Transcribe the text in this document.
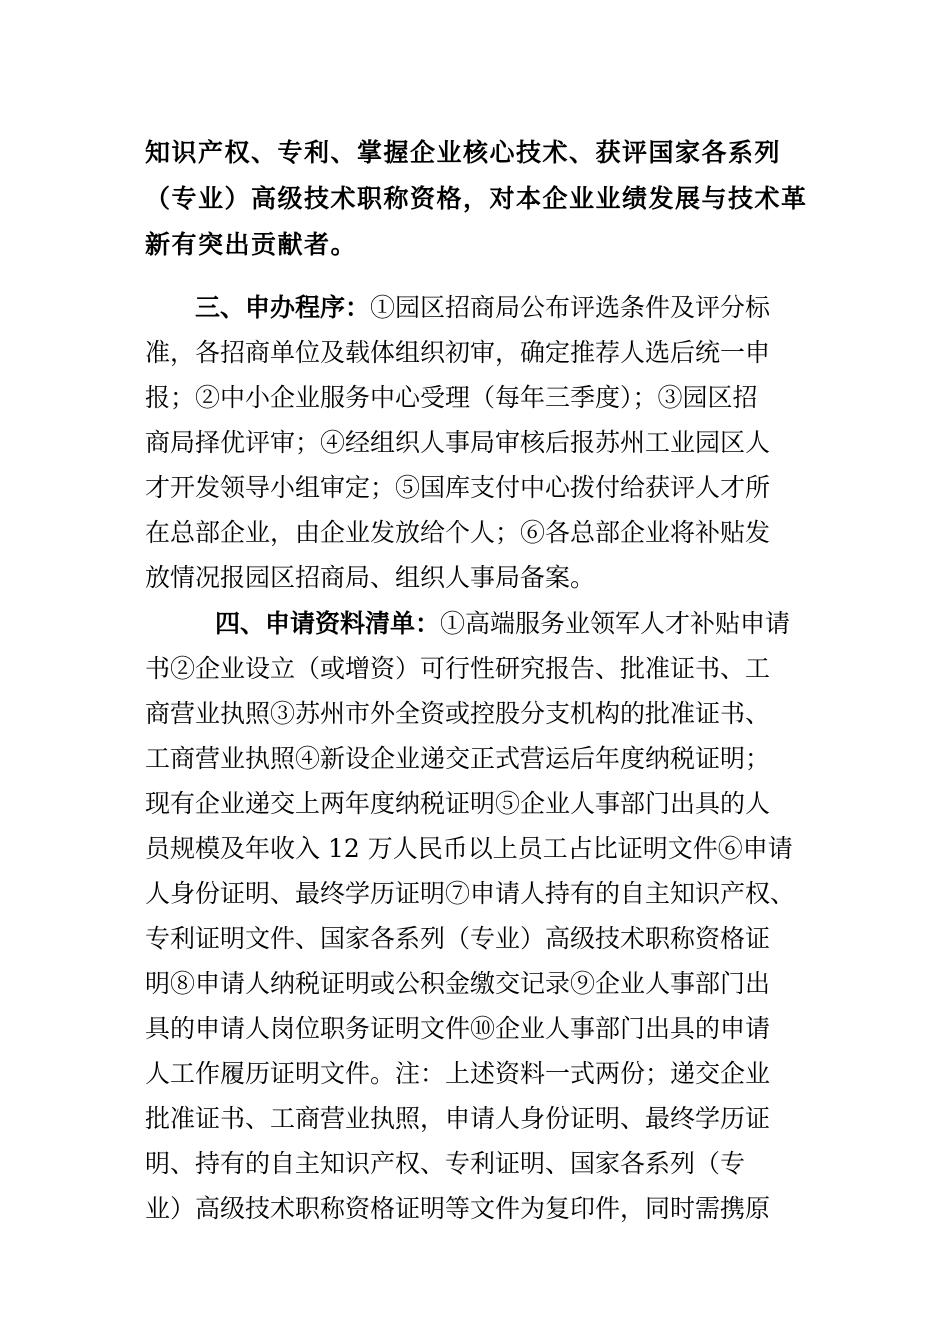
知识产权、专利、掌握企业核心技术、获评国家各系列
（专业）高级技术职称资格，对本企业业绩发展与技术革
新有突出贡献者。
三、申办程序：①园区招商局公布评选条件及评分标
准，各招商单位及载体组织初审，确定推荐人选后统一申
报；②中小企业服务中心受理（每年三季度）；③园区招
商局择优评审；④经组织人事局审核后报苏州工业园区人
才开发领导小组审定；⑤国库支付中心拨付给获评人才所
在总部企业，由企业发放给个人；⑥各总部企业将补贴发
放情况报园区招商局、组织人事局备案。
四、申请资料清单：①高端服务业领军人才补贴申请
书②企业设立（或增资）可行性研究报告、批准证书、工
商营业执照③苏州市外全资或控股分支机构的批准证书、
工商营业执照④新设企业递交正式营运后年度纳税证明；
现有企业递交上两年度纳税证明⑤企业人事部门出具的人
员规模及年收入 12 万人民币以上员工占比证明文件⑥申请
人身份证明、最终学历证明⑦申请人持有的自主知识产权、
专利证明文件、国家各系列（专业）高级技术职称资格证
明⑧申请人纳税证明或公积金缴交记录⑨企业人事部门出
具的申请人岗位职务证明文件⑩企业人事部门出具的申请
人工作履历证明文件。注：上述资料一式两份；递交企业
批准证书、工商营业执照，申请人身份证明、最终学历证
明、持有的自主知识产权、专利证明、国家各系列（专
业）高级技术职称资格证明等文件为复印件，同时需携原
